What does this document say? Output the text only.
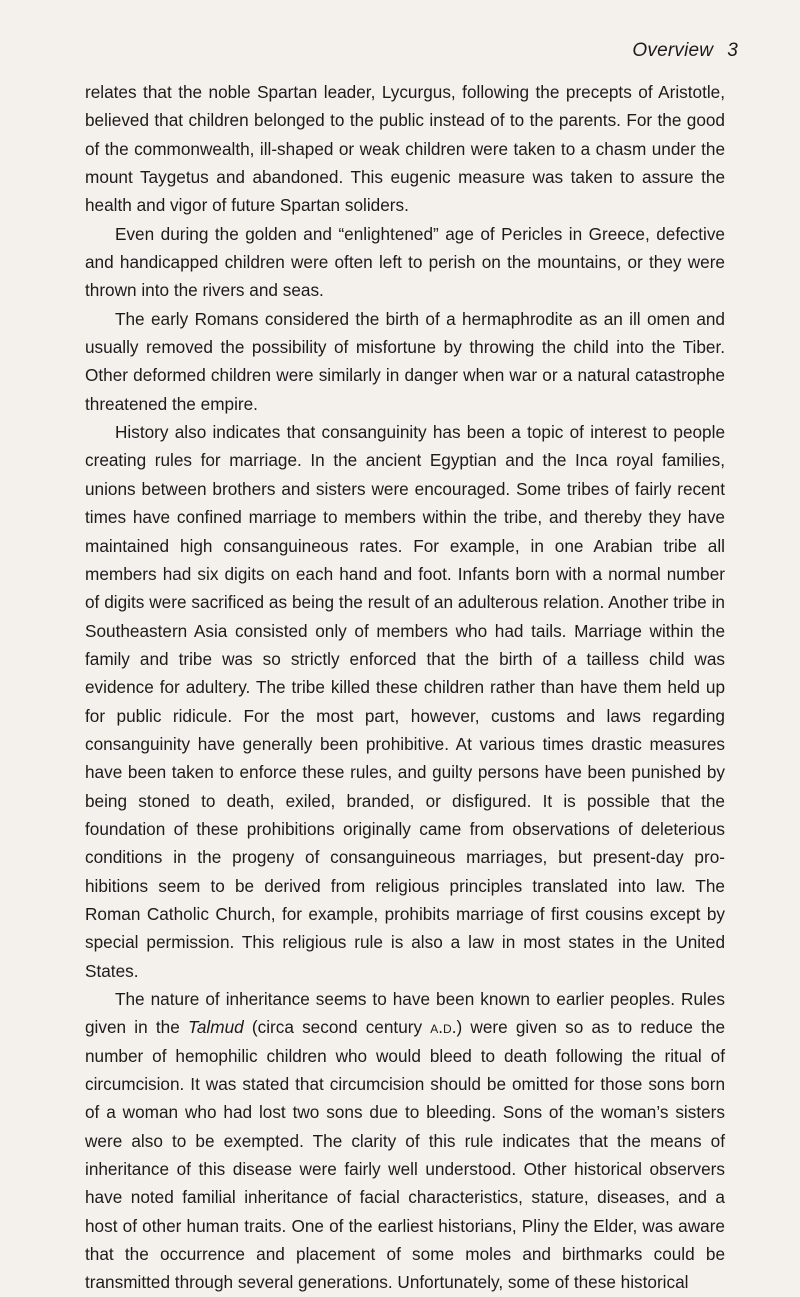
Overview 3

relates that the noble Spartan leader, Lycurgus, following the precepts of Aristotle, believed that children belonged to the public instead of to the parents. For the good of the commonwealth, ill-shaped or weak children were taken to a chasm under the mount Taygetus and abandoned. This eugenic measure was taken to assure the health and vigor of future Spartan soliders.

Even during the golden and “enlightened” age of Pericles in Greece, defective and handicapped children were often left to perish on the mountains, or they were thrown into the rivers and seas.

The early Romans considered the birth of a hermaphrodite as an ill omen and usually removed the possibility of misfortune by throwing the child into the Tiber. Other deformed children were similarly in danger when war or a natural catastrophe threatened the empire.

History also indicates that consanguinity has been a topic of interest to people creating rules for marriage. In the ancient Egyptian and the Inca royal families, unions between brothers and sisters were encouraged. Some tribes of fairly recent times have confined marriage to members within the tribe, and thereby they have maintained high consanguineous rates. For example, in one Arabian tribe all members had six digits on each hand and foot. Infants born with a normal number of digits were sacrificed as being the result of an adulterous relation. Another tribe in Southeastern Asia consisted only of members who had tails. Marriage within the family and tribe was so strictly enforced that the birth of a tailless child was evidence for adultery. The tribe killed these children rather than have them held up for public ridicule. For the most part, however, customs and laws regarding consanguinity have generally been prohibitive. At various times drastic measures have been taken to enforce these rules, and guilty persons have been punished by being stoned to death, exiled, branded, or disfigured. It is possible that the foundation of these prohibitions originally came from observations of deleterious conditions in the progeny of consanguineous marriages, but present-day prohibitions seem to be derived from religious principles translated into law. The Roman Catholic Church, for example, prohibits marriage of first cousins except by special permission. This religious rule is also a law in most states in the United States.

The nature of inheritance seems to have been known to earlier peoples. Rules given in the Talmud (circa second century a.d.) were given so as to reduce the number of hemophilic children who would bleed to death following the ritual of circumcision. It was stated that circumcision should be omitted for those sons born of a woman who had lost two sons due to bleeding. Sons of the woman’s sisters were also to be exempted. The clarity of this rule indicates that the means of inheritance of this disease were fairly well understood. Other historical observers have noted familial inheritance of facial characteristics, stature, diseases, and a host of other human traits. One of the earliest historians, Pliny the Elder, was aware that the occurrence and placement of some moles and birthmarks could be transmitted through several generations. Unfortunately, some of these historical
